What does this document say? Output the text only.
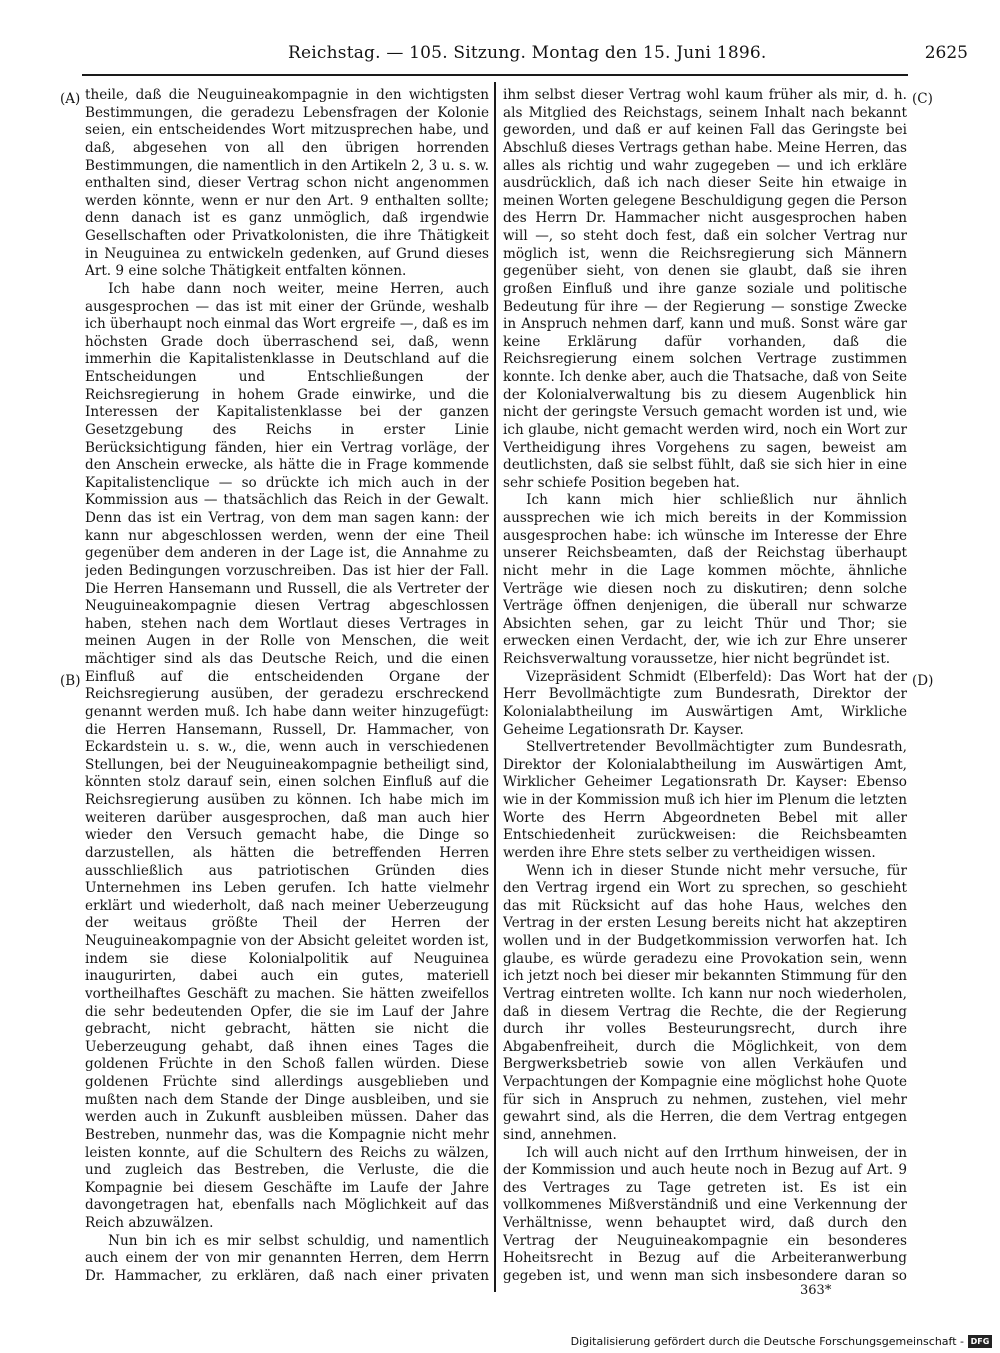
Reichstag. — 105. Sitzung. Montag den 15. Juni 1896.	2625
(A)
(B)
(C)
(D)

theile, daß die Neuguineakompagnie in den wichtigsten Bestimmungen, die geradezu Lebensfragen der Kolonie seien, ein entscheidendes Wort mitzusprechen habe, und daß, abgesehen von all den übrigen horrenden Bestimmungen, die namentlich in den Artikeln 2, 3 u. s. w. enthalten sind, dieser Vertrag schon nicht angenommen werden könnte, wenn er nur den Art. 9 enthalten sollte; denn danach ist es ganz unmöglich, daß irgendwie Gesellschaften oder Privatkolonisten, die ihre Thätigkeit in Neuguinea zu entwickeln gedenken, auf Grund dieses Art. 9 eine solche Thätigkeit entfalten können.

Ich habe dann noch weiter, meine Herren, auch ausgesprochen — das ist mit einer der Gründe, weshalb ich überhaupt noch einmal das Wort ergreife —, daß es im höchsten Grade doch überraschend sei, daß, wenn immerhin die Kapitalistenklasse in Deutschland auf die Entscheidungen und Entschließungen der Reichsregierung in hohem Grade einwirke, und die Interessen der Kapitalistenklasse bei der ganzen Gesetzgebung des Reichs in erster Linie Berücksichtigung fänden, hier ein Vertrag vorläge, der den Anschein erwecke, als hätte die in Frage kommende Kapitalistenclique — so drückte ich mich auch in der Kommission aus — thatsächlich das Reich in der Gewalt. Denn das ist ein Vertrag, von dem man sagen kann: der kann nur abgeschlossen werden, wenn der eine Theil gegenüber dem anderen in der Lage ist, die Annahme zu jeden Bedingungen vorzuschreiben. Das ist hier der Fall. Die Herren Hansemann und Russell, die als Vertreter der Neuguineakompagnie diesen Vertrag abgeschlossen haben, stehen nach dem Wortlaut dieses Vertrages in meinen Augen in der Rolle von Menschen, die weit mächtiger sind als das Deutsche Reich, und die einen Einfluß auf die entscheidenden Organe der Reichsregierung ausüben, der geradezu erschreckend genannt werden muß. Ich habe dann weiter hinzugefügt: die Herren Hansemann, Russell, Dr. Hammacher, von Eckardstein u. s. w., die, wenn auch in verschiedenen Stellungen, bei der Neuguineakompagnie betheiligt sind, könnten stolz darauf sein, einen solchen Einfluß auf die Reichsregierung ausüben zu können. Ich habe mich im weiteren darüber ausgesprochen, daß man auch hier wieder den Versuch gemacht habe, die Dinge so darzustellen, als hätten die betreffenden Herren ausschließlich aus patriotischen Gründen dies Unternehmen ins Leben gerufen. Ich hatte vielmehr erklärt und wiederholt, daß nach meiner Ueberzeugung der weitaus größte Theil der Herren der Neuguineakompagnie von der Absicht geleitet worden ist, indem sie diese Kolonialpolitik auf Neuguinea inaugurirten, dabei auch ein gutes, materiell vortheilhaftes Geschäft zu machen. Sie hätten zweifellos die sehr bedeutenden Opfer, die sie im Lauf der Jahre gebracht, nicht gebracht, hätten sie nicht die Ueberzeugung gehabt, daß ihnen eines Tages die goldenen Früchte in den Schoß fallen würden. Diese goldenen Früchte sind allerdings ausgeblieben und mußten nach dem Stande der Dinge ausbleiben, und sie werden auch in Zukunft ausbleiben müssen. Daher das Bestreben, nunmehr das, was die Kompagnie nicht mehr leisten konnte, auf die Schultern des Reichs zu wälzen, und zugleich das Bestreben, die Verluste, die die Kompagnie bei diesem Geschäfte im Laufe der Jahre davongetragen hat, ebenfalls nach Möglichkeit auf das Reich abzuwälzen.

Nun bin ich es mir selbst schuldig, und namentlich auch einem der von mir genannten Herren, dem Herrn Dr. Hammacher, zu erklären, daß nach einer privaten

ihm selbst dieser Vertrag wohl kaum früher als mir, d. h. als Mitglied des Reichstags, seinem Inhalt nach bekannt geworden, und daß er auf keinen Fall das Geringste bei Abschluß dieses Vertrags gethan habe. Meine Herren, das alles als richtig und wahr zugegeben — und ich erkläre ausdrücklich, daß ich nach dieser Seite hin etwaige in meinen Worten gelegene Beschuldigung gegen die Person des Herrn Dr. Hammacher nicht ausgesprochen haben will —, so steht doch fest, daß ein solcher Vertrag nur möglich ist, wenn die Reichsregierung sich Männern gegenüber sieht, von denen sie glaubt, daß sie ihren großen Einfluß und ihre ganze soziale und politische Bedeutung für ihre — der Regierung — sonstige Zwecke in Anspruch nehmen darf, kann und muß. Sonst wäre gar keine Erklärung dafür vorhanden, daß die Reichsregierung einem solchen Vertrage zustimmen konnte. Ich denke aber, auch die Thatsache, daß von Seite der Kolonialverwaltung bis zu diesem Augenblick hin nicht der geringste Versuch gemacht worden ist und, wie ich glaube, nicht gemacht werden wird, noch ein Wort zur Vertheidigung ihres Vorgehens zu sagen, beweist am deutlichsten, daß sie selbst fühlt, daß sie sich hier in eine sehr schiefe Position begeben hat.

Ich kann mich hier schließlich nur ähnlich aussprechen wie ich mich bereits in der Kommission ausgesprochen habe: ich wünsche im Interesse der Ehre unserer Reichsbeamten, daß der Reichstag überhaupt nicht mehr in die Lage kommen möchte, ähnliche Verträge wie diesen noch zu diskutiren; denn solche Verträge öffnen denjenigen, die überall nur schwarze Absichten sehen, gar zu leicht Thür und Thor; sie erwecken einen Verdacht, der, wie ich zur Ehre unserer Reichsverwaltung voraussetze, hier nicht begründet ist.

Vizepräsident Schmidt (Elberfeld): Das Wort hat der Herr Bevollmächtigte zum Bundesrath, Direktor der Kolonialabtheilung im Auswärtigen Amt, Wirkliche Geheime Legationsrath Dr. Kayser.

Stellvertretender Bevollmächtigter zum Bundesrath, Direktor der Kolonialabtheilung im Auswärtigen Amt, Wirklicher Geheimer Legationsrath Dr. Kayser: Ebenso wie in der Kommission muß ich hier im Plenum die letzten Worte des Herrn Abgeordneten Bebel mit aller Entschiedenheit zurückweisen: die Reichsbeamten werden ihre Ehre stets selber zu vertheidigen wissen.

Wenn ich in dieser Stunde nicht mehr versuche, für den Vertrag irgend ein Wort zu sprechen, so geschieht das mit Rücksicht auf das hohe Haus, welches den Vertrag in der ersten Lesung bereits nicht hat akzeptiren wollen und in der Budgetkommission verworfen hat. Ich glaube, es würde geradezu eine Provokation sein, wenn ich jetzt noch bei dieser mir bekannten Stimmung für den Vertrag eintreten wollte. Ich kann nur noch wiederholen, daß in diesem Vertrag die Rechte, die der Regierung durch ihr volles Besteurungsrecht, durch ihre Abgabenfreiheit, durch die Möglichkeit, von dem Bergwerksbetrieb sowie von allen Verkäufen und Verpachtungen der Kompagnie eine möglichst hohe Quote für sich in Anspruch zu nehmen, zustehen, viel mehr gewahrt sind, als die Herren, die dem Vertrag entgegen sind, annehmen.

Ich will auch nicht auf den Irrthum hinweisen, der in der Kommission und auch heute noch in Bezug auf Art. 9 des Vertrages zu Tage getreten ist. Es ist ein vollkommenes Mißverständniß und eine Verkennung der Verhältnisse, wenn behauptet wird, daß durch den Vertrag der Neuguineakompagnie ein besonderes Hoheitsrecht in Bezug auf die Arbeiteranwerbung gegeben ist, und wenn man sich insbesondere daran so

363*
Digitalisierung gefördert durch die Deutsche Forschungsgemeinschaft - DFG
